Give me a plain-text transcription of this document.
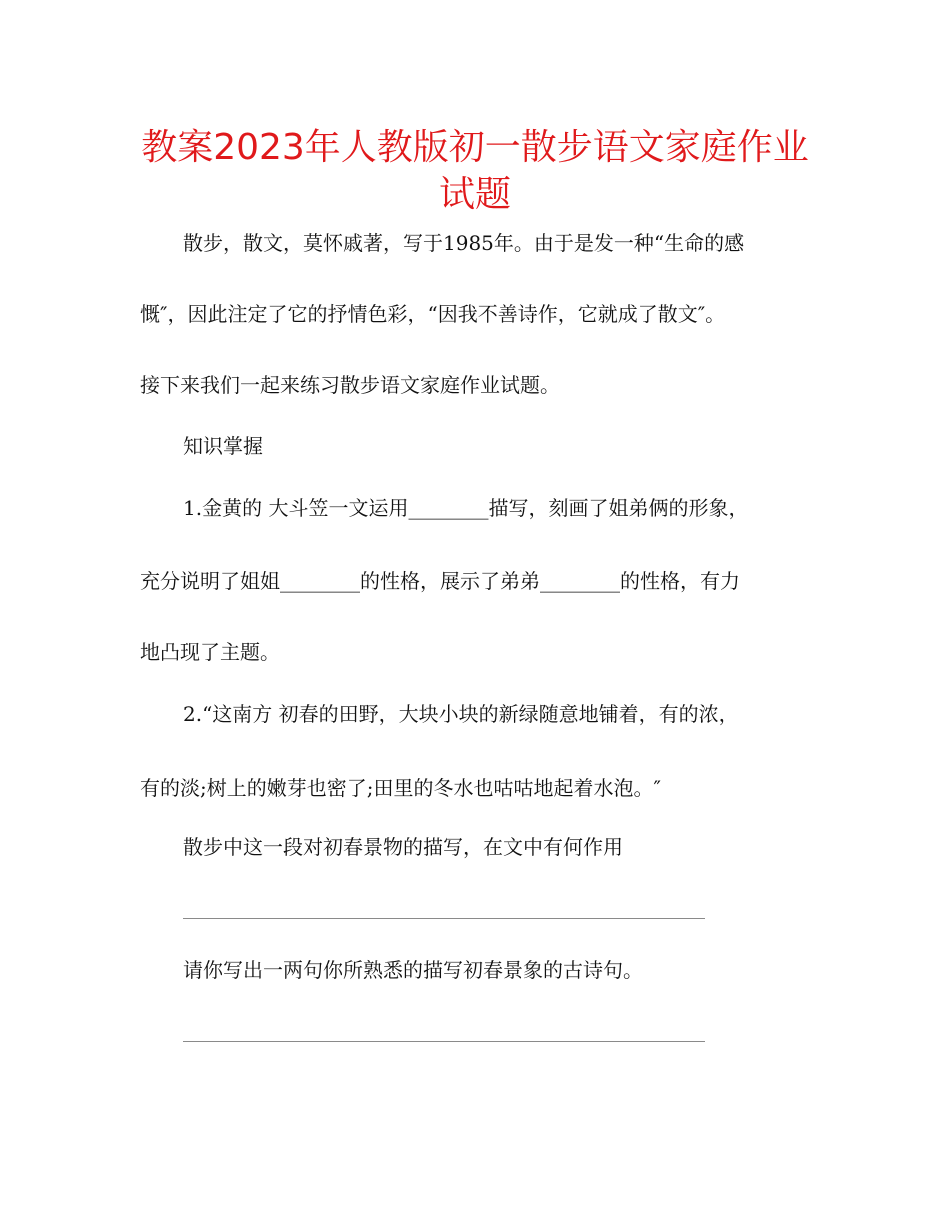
教案2023年人教版初一散步语文家庭作业
试题
散步，散文，莫怀戚著，写于1985年。由于是发一种“生命的感
慨″，因此注定了它的抒情色彩，“因我不善诗作，它就成了散文″。
接下来我们一起来练习散步语文家庭作业试题。
知识掌握
1.金黄的 大斗笠一文运用________描写，刻画了姐弟俩的形象，
充分说明了姐姐________的性格，展示了弟弟________的性格，有力
地凸现了主题。
2.“这南方 初春的田野，大块小块的新绿随意地铺着，有的浓，
有的淡;树上的嫩芽也密了;田里的冬水也咕咕地起着水泡。″
散步中这一段对初春景物的描写，在文中有何作用
请你写出一两句你所熟悉的描写初春景象的古诗句。
